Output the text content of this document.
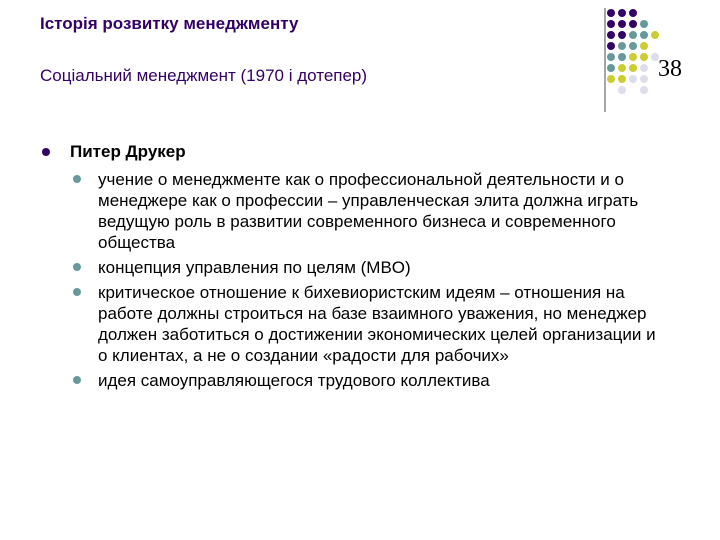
Історія розвитку менеджменту
Соціальний менеджмент (1970 і дотепер)	38
Питер Друкер
учение о менеджменте как о профессиональной деятельности и о менеджере как о профессии – управленческая элита должна играть ведущую роль в развитии современного бизнеса и современного общества
концепция управления по целям (MBO)
критическое отношение к бихевиористским идеям – отношения на работе должны строиться на базе взаимного уважения, но менеджер должен заботиться о достижении экономических целей организации и о клиентах, а не о создании «радости для рабочих»
идея самоуправляющегося трудового коллектива
